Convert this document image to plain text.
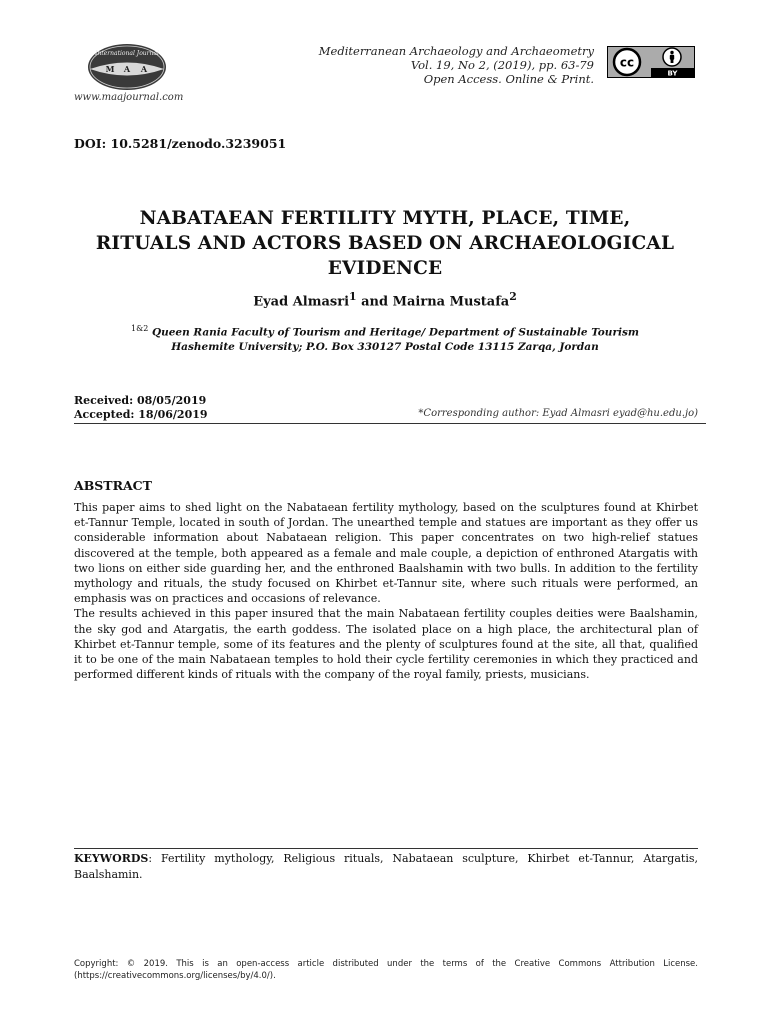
International Journal
M A A
www.maajournal.com
Mediterranean Archaeology and Archaeometry
Vol. 19, No 2, (2019), pp. 63-79
Open Access. Online & Print.
cc
BY
DOI: 10.5281/zenodo.3239051
NABATAEAN FERTILITY MYTH, PLACE, TIME,
RITUALS AND ACTORS BASED ON ARCHAEOLOGICAL
EVIDENCE
Eyad Almasri$^1$ and Mairna Mustafa$^2$
$^{1\&2}$ Queen Rania Faculty of Tourism and Heritage/ Department of Sustainable Tourism
Hashemite University; P.O. Box 330127 Postal Code 13115 Zarqa, Jordan
Received: 08/05/2019
Accepted: 18/06/2019	*Corresponding author: Eyad Almasri eyad@hu.edu.jo)
ABSTRACT

This paper aims to shed light on the Nabataean fertility mythology, based on the sculptures found at Khirbet et-Tannur Temple, located in south of Jordan. The unearthed temple and statues are important as they offer us considerable information about Nabataean religion. This paper concentrates on two high-relief statues discovered at the temple, both appeared as a female and male couple, a depiction of enthroned Atargatis with two lions on either side guarding her, and the enthroned Baalshamin with two bulls. In addition to the fertility mythology and rituals, the study focused on Khirbet et-Tannur site, where such rituals were performed, an emphasis was on practices and occasions of relevance.

The results achieved in this paper insured that the main Nabataean fertility couples deities were Baalshamin, the sky god and Atargatis, the earth goddess. The isolated place on a high place, the architectural plan of Khirbet et-Tannur temple, some of its features and the plenty of sculptures found at the site, all that, qualified it to be one of the main Nabataean temples to hold their cycle fertility ceremonies in which they practiced and performed different kinds of rituals with the company of the royal family, priests, musicians.

KEYWORDS: Fertility mythology, Religious rituals, Nabataean sculpture, Khirbet et-Tannur, Atargatis, Baalshamin.
Copyright: © 2019. This is an open-access article distributed under the terms of the Creative Commons Attribution License. (https://creativecommons.org/licenses/by/4.0/).
